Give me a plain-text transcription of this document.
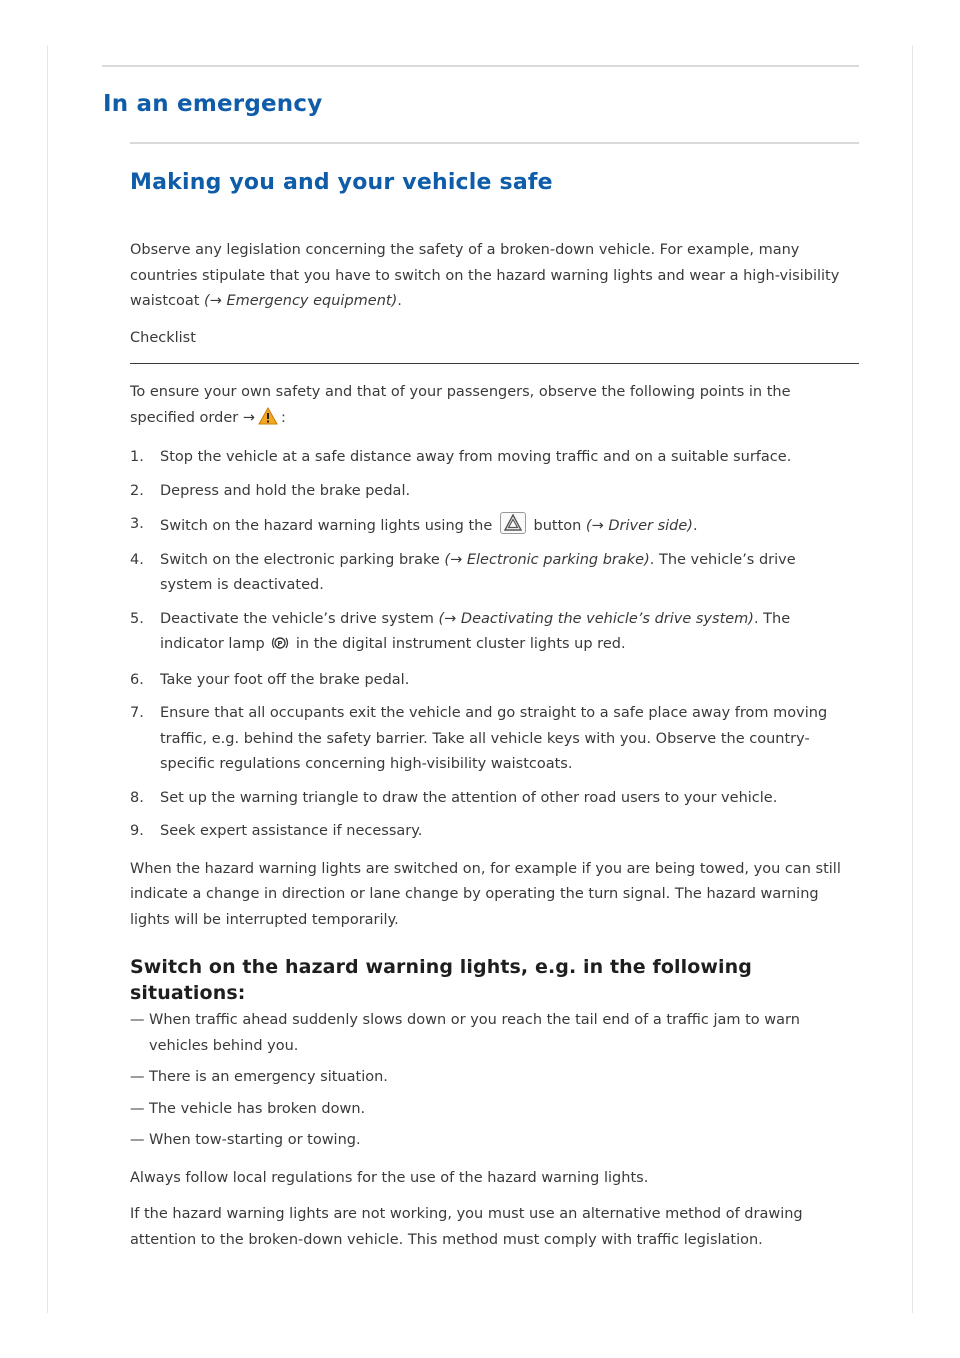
In an emergency
Making you and your vehicle safe

Observe any legislation concerning the safety of a broken-down vehicle. For example, many countries stipulate that you have to switch on the hazard warning lights and wear a high-visibility waistcoat (→ Emergency equipment).

Checklist

To ensure your own safety and that of your passengers, observe the following points in the specified order → :

1. Stop the vehicle at a safe distance away from moving traffic and on a suitable surface.
2. Depress and hold the brake pedal.
3. Switch on the hazard warning lights using the	button (→ Driver side).
4. Switch on the electronic parking brake (→ Electronic parking brake). The vehicle’s drive system is deactivated.
5. Deactivate the vehicle’s drive system (→ Deactivating the vehicle’s drive system). The indicator lamp P in the digital instrument cluster lights up red.
6. Take your foot off the brake pedal.
7. Ensure that all occupants exit the vehicle and go straight to a safe place away from moving traffic, e.g. behind the safety barrier. Take all vehicle keys with you. Observe the country-specific regulations concerning high-visibility waistcoats.
8. Set up the warning triangle to draw the attention of other road users to your vehicle.
9. Seek expert assistance if necessary.

When the hazard warning lights are switched on, for example if you are being towed, you can still indicate a change in direction or lane change by operating the turn signal. The hazard warning lights will be interrupted temporarily.

Switch on the hazard warning lights, e.g. in the following situations:
— When traffic ahead suddenly slows down or you reach the tail end of a traffic jam to warn vehicles behind you.
— There is an emergency situation.
— The vehicle has broken down.
— When tow-starting or towing.

Always follow local regulations for the use of the hazard warning lights.

If the hazard warning lights are not working, you must use an alternative method of drawing attention to the broken-down vehicle. This method must comply with traffic legislation.
